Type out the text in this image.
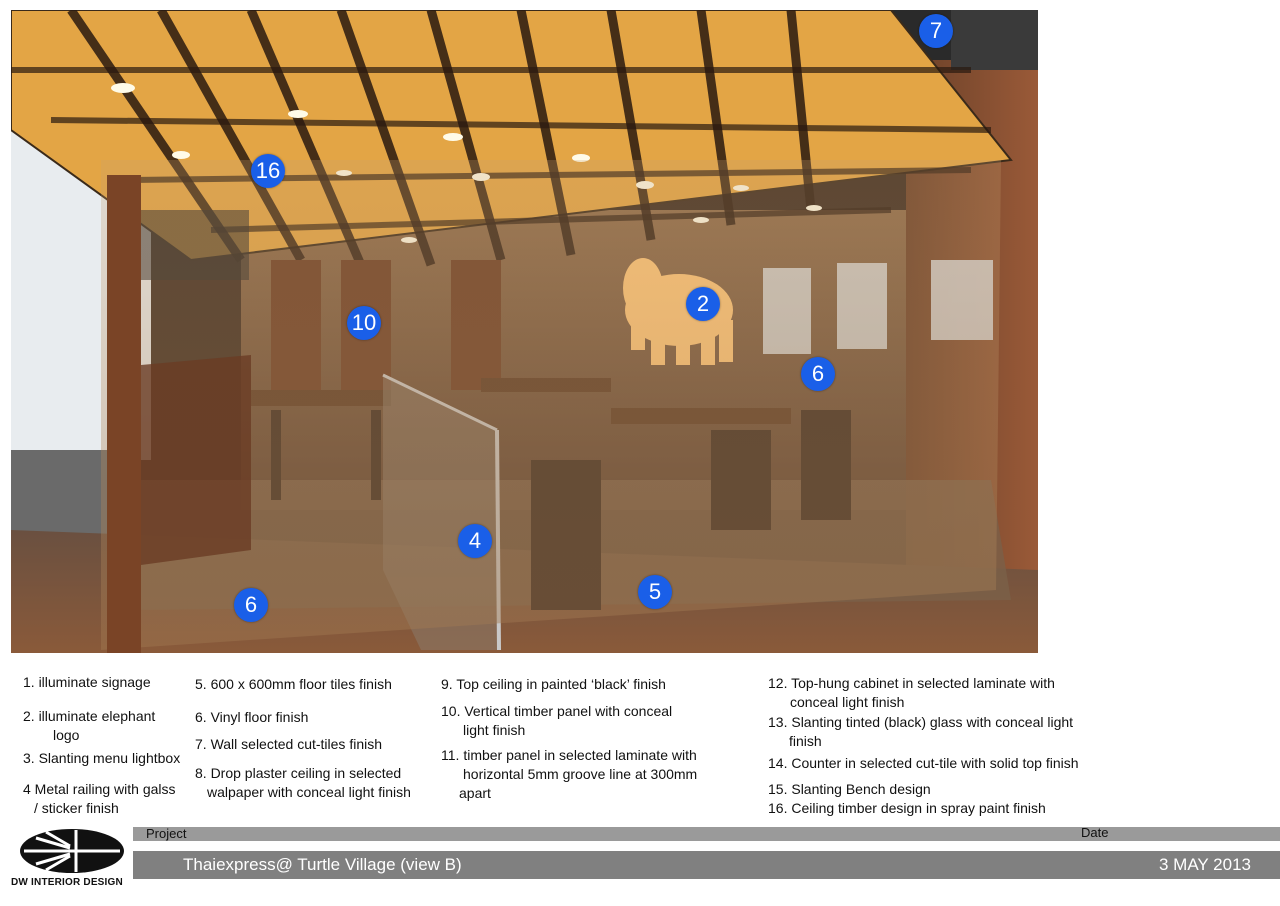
7
16
2
10
6
4
5
6
1. illuminate signage
2. illuminate elephant
logo
3. Slanting menu lightbox
4 Metal railing with galss
/ sticker finish
5. 600 x 600mm floor tiles finish
6. Vinyl floor finish
7. Wall selected cut-tiles finish
8. Drop plaster ceiling in selected
walpaper with conceal light finish
9. Top ceiling in painted ‘black’ finish
10. Vertical timber panel with conceal
light finish
11. timber panel in selected laminate with
horizontal 5mm groove line at 300mm
apart
12. Top-hung cabinet in selected laminate with
conceal light finish
13. Slanting tinted (black) glass with conceal light
finish
14. Counter in selected cut-tile with solid top finish
15. Slanting Bench design
16. Ceiling timber design in spray paint finish
DW INTERIOR DESIGN
Project	Date
Thaiexpress@ Turtle Village (view B)	3 MAY 2013
